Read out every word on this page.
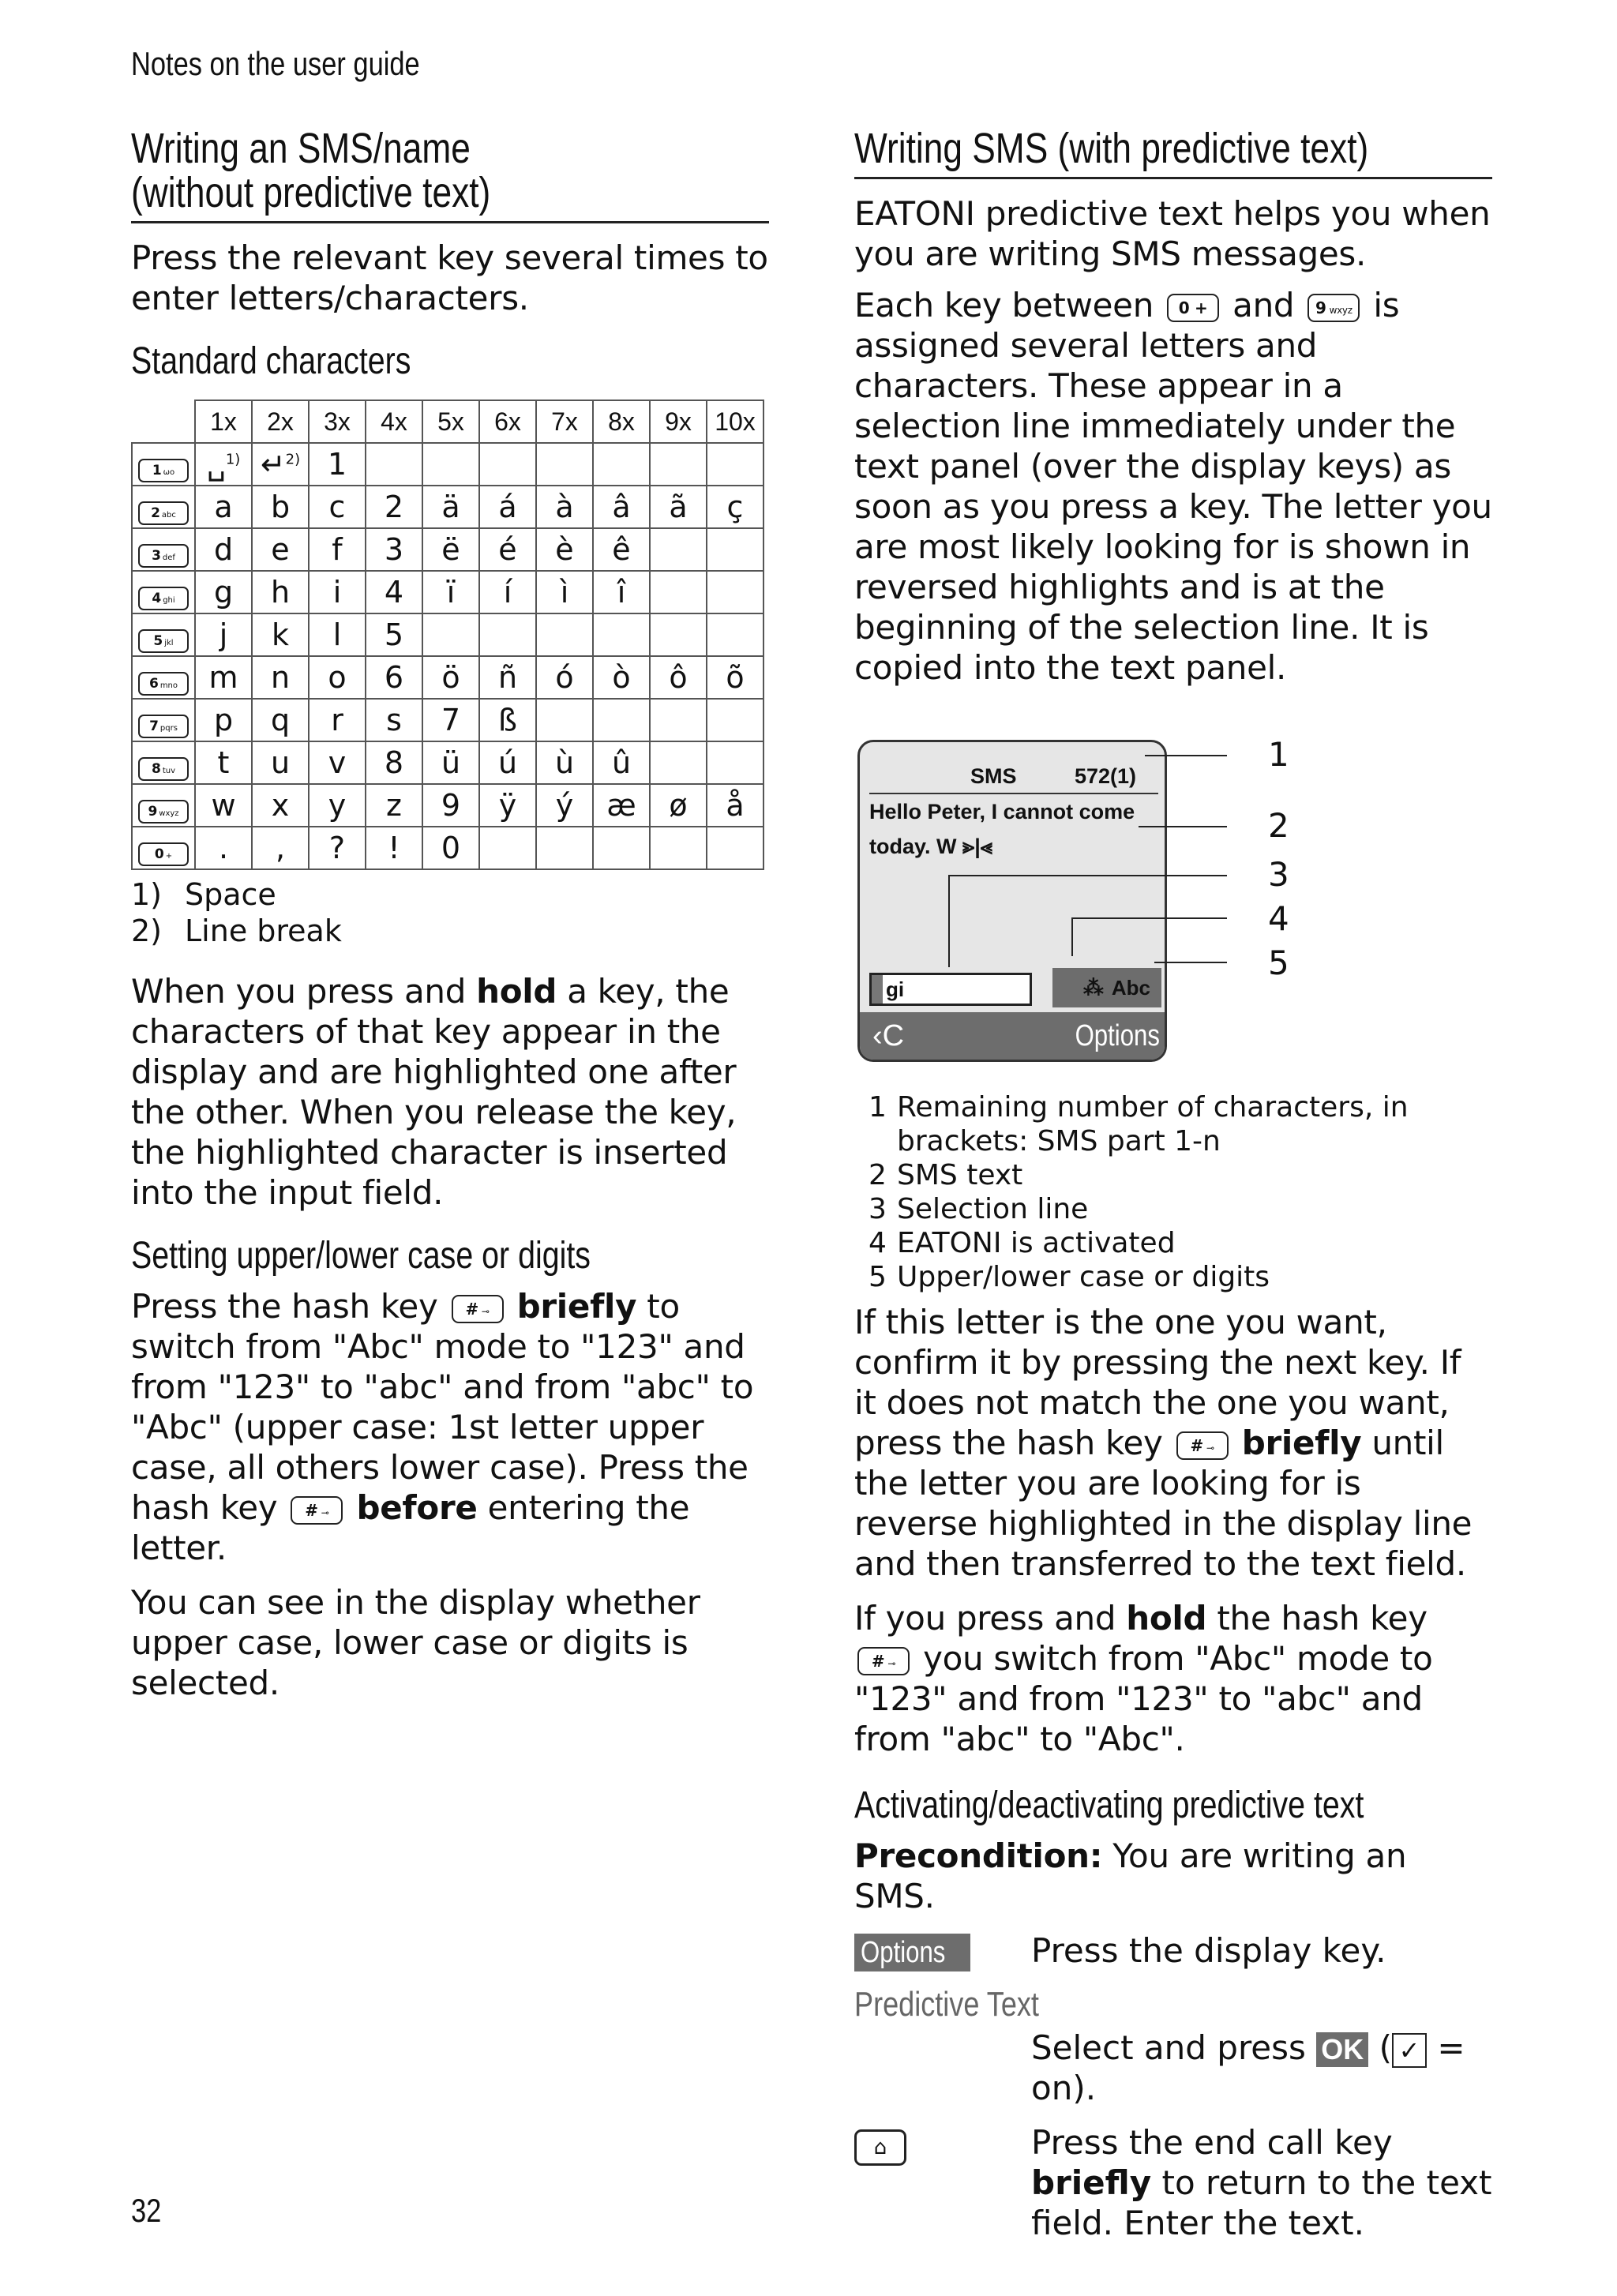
Notes on the user guide
Writing an SMS/name
(without predictive text)

Press the relevant key several times to enter letters/characters.

Standard characters
	1x	2x	3x	4x	5x	6x	7x	8x	9x	10x
1 ωο	␣$^{1)}$	↵$^{2)}$	1							
2 abc	a	b	c	2	ä	á	à	â	ã	ç
3 def	d	e	f	3	ë	é	è	ê		
4 ghi	g	h	i	4	ï	í	ì	î		
5 jkl	j	k	l	5						
6 mno	m	n	o	6	ö	ñ	ó	ò	ô	õ
7 pqrs	p	q	r	s	7	ß				
8 tuv	t	u	v	8	ü	ú	ù	û		
9 wxyz	w	x	y	z	9	ÿ	ý	æ	ø	å
0 +	.	,	?	!	0					
1) Space
2) Line break

When you press and hold a key, the characters of that key appear in the display and are highlighted one after the other. When you release the key, the highlighted character is inserted into the input field.

Setting upper/lower case or digits

Press the hash key # ⊸ briefly to switch from "Abc" mode to "123" and from "123" to "abc" and from "abc" to "Abc" (upper case: 1st letter upper case, all others lower case). Press the hash key # ⊸ before entering the letter.

You can see in the display whether upper case, lower case or digits is selected.

Writing SMS (with predictive text)

EATONI predictive text helps you when you are writing SMS messages.

Each key between 0 + and 9 wxyz is assigned several letters and characters. These appear in a selection line immediately under the text panel (over the display keys) as soon as you press a key. The letter you are most likely looking for is shown in reversed highlights and is at the beginning of the selection line. It is copied into the text panel.

SMS	572(1)
Hello Peter, I cannot come
today. W ⪢|⪡
gi	⁂ Abc
‹C	Options
1
2
3
4
5
1 Remaining number of characters, in brackets: SMS part 1-n
2 SMS text
3 Selection line
4 EATONI is activated
5 Upper/lower case or digits

If this letter is the one you want, confirm it by pressing the next key. If it does not match the one you want, press the hash key # ⊸ briefly until the letter you are looking for is reverse highlighted in the display line and then transferred to the text field.

If you press and hold the hash key # ⊸ you switch from "Abc" mode to "123" and from "123" to "abc" and from "abc" to "Abc".

Activating/deactivating predictive text

Precondition: You are writing an SMS.

Options	Press the display key.
Predictive Text
Select and press OK ( ✓ = on).
⌂	Press the end call key briefly to return to the text field. Enter the text.
32
